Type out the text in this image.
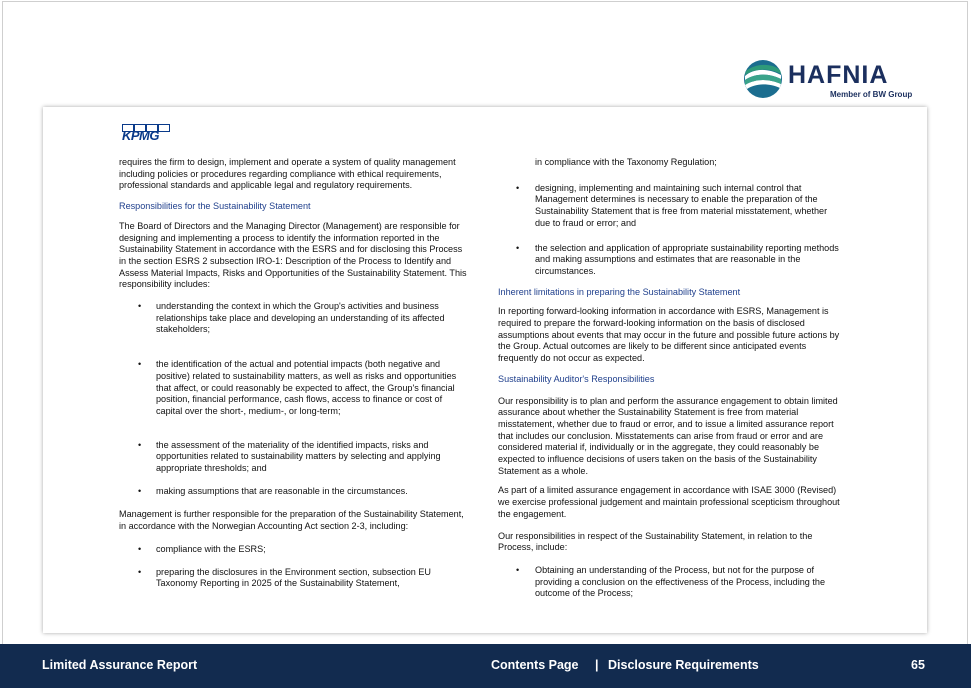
HAFNIA
Member of BW Group
KPMG

requires the firm to design, implement and operate a system of quality management including policies or procedures regarding compliance with ethical requirements, professional standards and applicable legal and regulatory requirements.

Responsibilities for the Sustainability Statement

The Board of Directors and the Managing Director (Management) are responsible for designing and implementing a process to identify the information reported in the Sustainability Statement in accordance with the ESRS and for disclosing this Process in the section ESRS 2 subsection IRO-1: Description of the Process to Identify and Assess Material Impacts, Risks and Opportunities of the Sustainability Statement. This responsibility includes:

• understanding the context in which the Group's activities and business relationships take place and developing an understanding of its affected stakeholders;
• the identification of the actual and potential impacts (both negative and positive) related to sustainability matters, as well as risks and opportunities that affect, or could reasonably be expected to affect, the Group's financial position, financial performance, cash flows, access to finance or cost of capital over the short-, medium-, or long-term;
• the assessment of the materiality of the identified impacts, risks and opportunities related to sustainability matters by selecting and applying appropriate thresholds; and
• making assumptions that are reasonable in the circumstances.

Management is further responsible for the preparation of the Sustainability Statement, in accordance with the Norwegian Accounting Act section 2-3, including:

• compliance with the ESRS;
• preparing the disclosures in the Environment section, subsection EU Taxonomy Reporting in 2025 of the Sustainability Statement,

in compliance with the Taxonomy Regulation;

• designing, implementing and maintaining such internal control that Management determines is necessary to enable the preparation of the Sustainability Statement that is free from material misstatement, whether due to fraud or error; and
• the selection and application of appropriate sustainability reporting methods and making assumptions and estimates that are reasonable in the circumstances.

Inherent limitations in preparing the Sustainability Statement

In reporting forward-looking information in accordance with ESRS, Management is required to prepare the forward-looking information on the basis of disclosed assumptions about events that may occur in the future and possible future actions by the Group. Actual outcomes are likely to be different since anticipated events frequently do not occur as expected.

Sustainability Auditor's Responsibilities

Our responsibility is to plan and perform the assurance engagement to obtain limited assurance about whether the Sustainability Statement is free from material misstatement, whether due to fraud or error, and to issue a limited assurance report that includes our conclusion. Misstatements can arise from fraud or error and are considered material if, individually or in the aggregate, they could reasonably be expected to influence decisions of users taken on the basis of the Sustainability Statement as a whole.

As part of a limited assurance engagement in accordance with ISAE 3000 (Revised) we exercise professional judgement and maintain professional scepticism throughout the engagement.

Our responsibilities in respect of the Sustainability Statement, in relation to the Process, include:

• Obtaining an understanding of the Process, but not for the purpose of providing a conclusion on the effectiveness of the Process, including the outcome of the Process;
Limited Assurance Report	Contents Page | Disclosure Requirements	65
